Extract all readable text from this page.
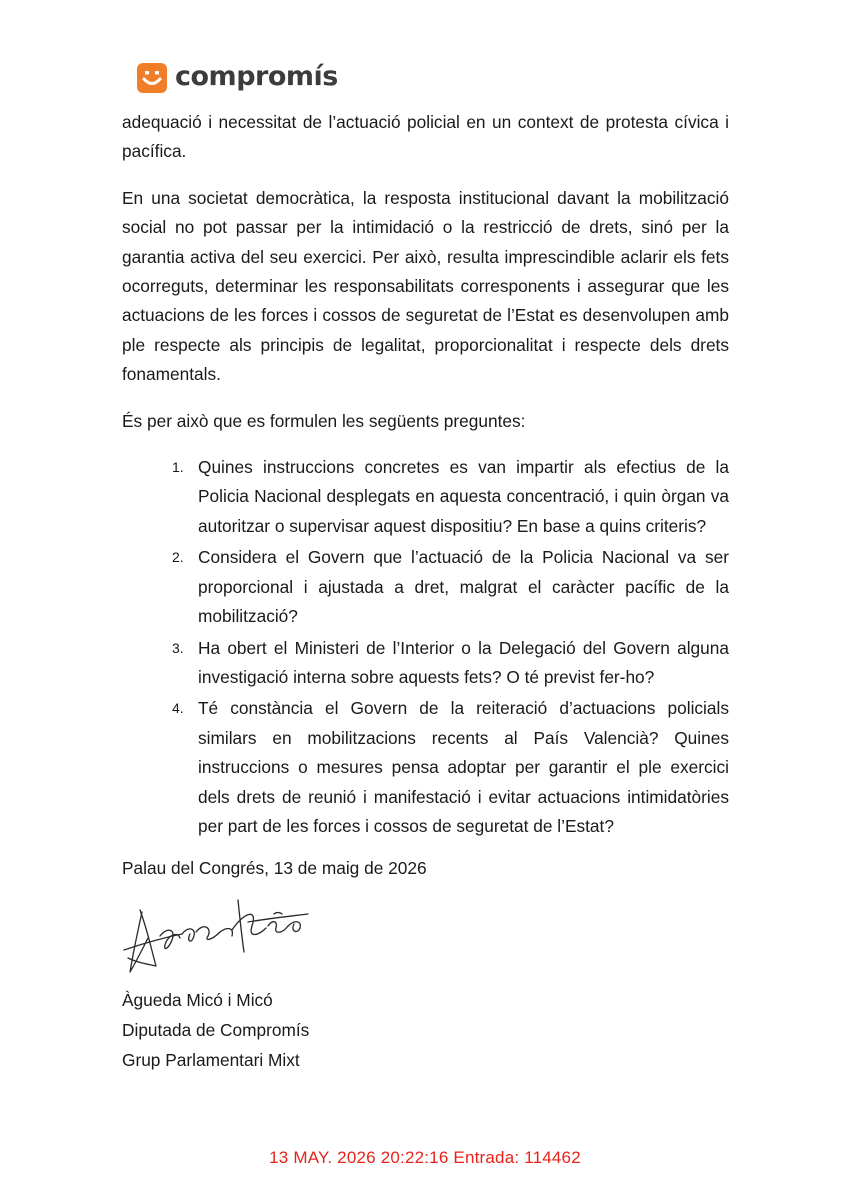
compromís

adequació i necessitat de l’actuació policial en un context de protesta cívica i pacífica.

En una societat democràtica, la resposta institucional davant la mobilització social no pot passar per la intimidació o la restricció de drets, sinó per la garantia activa del seu exercici. Per això, resulta imprescindible aclarir els fets ocorreguts, determinar les responsabilitats corresponents i assegurar que les actuacions de les forces i cossos de seguretat de l’Estat es desenvolupen amb ple respecte als principis de legalitat, proporcionalitat i respecte dels drets fonamentals.

És per això que es formulen les següents preguntes:

1. Quines instruccions concretes es van impartir als efectius de la Policia Nacional desplegats en aquesta concentració, i quin òrgan va autoritzar o supervisar aquest dispositiu? En base a quins criteris?
2. Considera el Govern que l’actuació de la Policia Nacional va ser proporcional i ajustada a dret, malgrat el caràcter pacífic de la mobilització?
3. Ha obert el Ministeri de l’Interior o la Delegació del Govern alguna investigació interna sobre aquests fets? O té previst fer-ho?
4. Té constància el Govern de la reiteració d’actuacions policials similars en mobilitzacions recents al País Valencià? Quines instruccions o mesures pensa adoptar per garantir el ple exercici dels drets de reunió i manifestació i evitar actuacions intimidatòries per part de les forces i cossos de seguretat de l’Estat?
Palau del Congrés, 13 de maig de 2026
Àgueda Micó i Micó
Diputada de Compromís
Grup Parlamentari Mixt
13 MAY. 2026 20:22:16 Entrada: 114462
